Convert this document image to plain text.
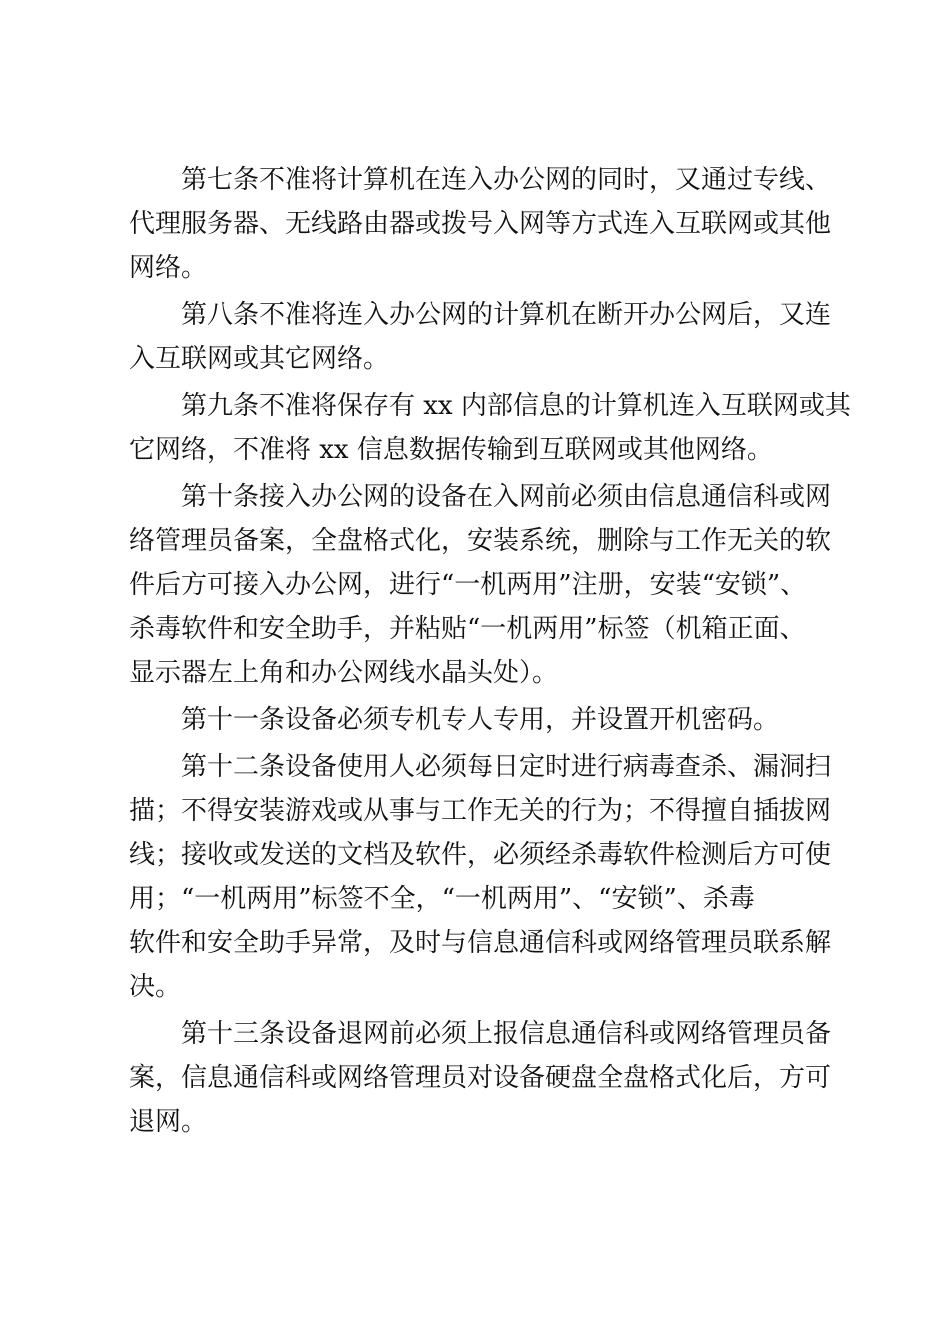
第七条不准将计算机在连入办公网的同时，又通过专线、
代理服务器、无线路由器或拨号入网等方式连入互联网或其他
网络。

第八条不准将连入办公网的计算机在断开办公网后，又连
入互联网或其它网络。

第九条不准将保存有 xx 内部信息的计算机连入互联网或其
它网络，不准将 xx 信息数据传输到互联网或其他网络。

第十条接入办公网的设备在入网前必须由信息通信科或网
络管理员备案，全盘格式化，安装系统，删除与工作无关的软
件后方可接入办公网，进行“一机两用”注册，安装“安锁”、
杀毒软件和安全助手，并粘贴“一机两用”标签（机箱正面、
显示器左上角和办公网线水晶头处）。

第十一条设备必须专机专人专用，并设置开机密码。

第十二条设备使用人必须每日定时进行病毒查杀、漏洞扫
描；不得安装游戏或从事与工作无关的行为；不得擅自插拔网
线；接收或发送的文档及软件，必须经杀毒软件检测后方可使
用；“一机两用”标签不全，“一机两用”、“安锁”、杀毒
软件和安全助手异常，及时与信息通信科或网络管理员联系解
决。

第十三条设备退网前必须上报信息通信科或网络管理员备
案，信息通信科或网络管理员对设备硬盘全盘格式化后，方可
退网。
